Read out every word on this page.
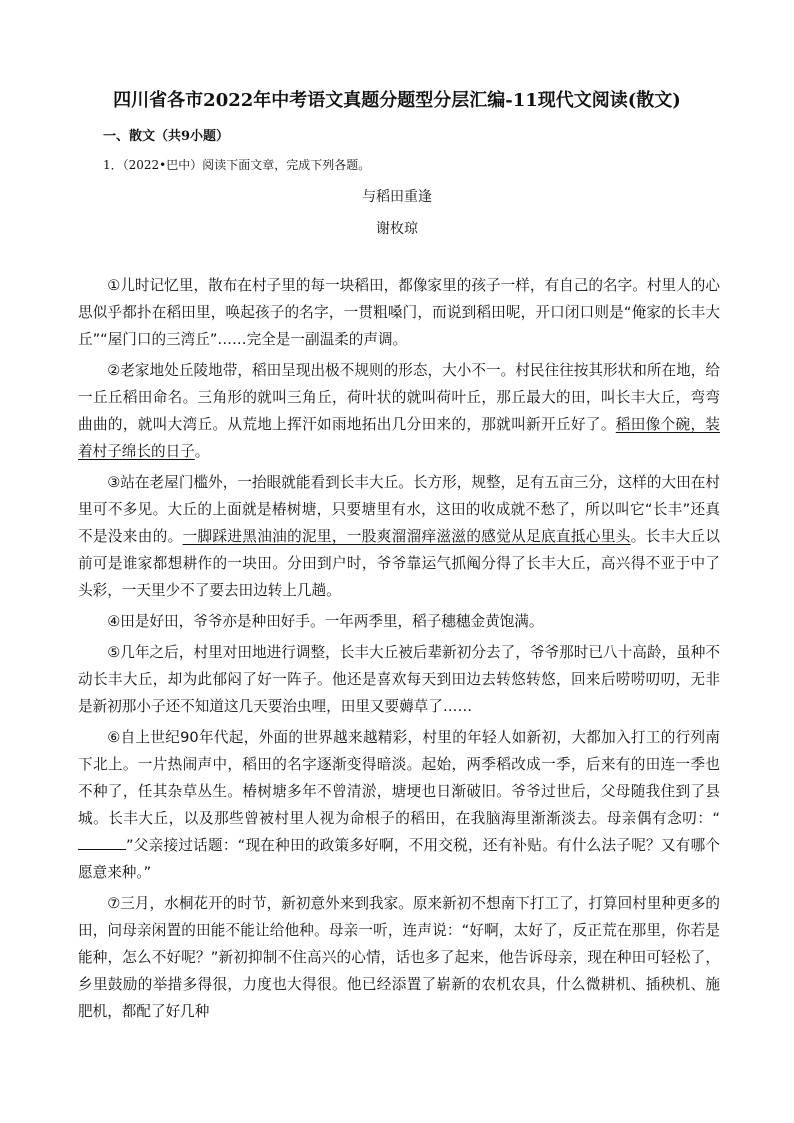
四川省各市2022年中考语文真题分题型分层汇编-11现代文阅读(散文)
一、散文（共9小题）
1．（2022•巴中）阅读下面文章，完成下列各题。
与稻田重逢
谢枚琼

①儿时记忆里，散布在村子里的每一块稻田，都像家里的孩子一样，有自己的名字。村里人的心思似乎都扑在稻田里，唤起孩子的名字，一贯粗嗓门，而说到稻田呢，开口闭口则是“俺家的长丰大丘”“屋门口的三湾丘”……完全是一副温柔的声调。

②老家地处丘陵地带，稻田呈现出极不规则的形态，大小不一。村民往往按其形状和所在地，给一丘丘稻田命名。三角形的就叫三角丘，荷叶状的就叫荷叶丘，那丘最大的田，叫长丰大丘，弯弯曲曲的，就叫大湾丘。从荒地上挥汗如雨地拓出几分田来的，那就叫新开丘好了。稻田像个碗，装着村子绵长的日子。

③站在老屋门槛外，一抬眼就能看到长丰大丘。长方形，规整，足有五亩三分，这样的大田在村里可不多见。大丘的上面就是椿树塘，只要塘里有水，这田的收成就不愁了，所以叫它“长丰”还真不是没来由的。一脚踩进黑油油的泥里，一股爽溜溜痒滋滋的感觉从足底直抵心里头。长丰大丘以前可是谁家都想耕作的一块田。分田到户时，爷爷靠运气抓阄分得了长丰大丘，高兴得不亚于中了头彩，一天里少不了要去田边转上几趟。

④田是好田，爷爷亦是种田好手。一年两季里，稻子穗穗金黄饱满。

⑤几年之后，村里对田地进行调整，长丰大丘被后辈新初分去了，爷爷那时已八十高龄，虽种不动长丰大丘，却为此郁闷了好一阵子。他还是喜欢每天到田边去转悠转悠，回来后唠唠叨叨，无非是新初那小子还不知道这几天要治虫哩，田里又要薅草了……

⑥自上世纪90年代起，外面的世界越来越精彩，村里的年轻人如新初，大都加入打工的行列南下北上。一片热闹声中，稻田的名字逐渐变得暗淡。起始，两季稻改成一季，后来有的田连一季也不种了，任其杂草丛生。椿树塘多年不曾清淤，塘埂也日渐破旧。爷爷过世后，父母随我住到了县城。长丰大丘，以及那些曾被村里人视为命根子的稻田，在我脑海里渐渐淡去。母亲偶有念叨：“”父亲接过话题：“现在种田的政策多好啊，不用交税，还有补贴。有什么法子呢？又有哪个愿意来种。”

⑦三月，水桐花开的时节，新初意外来到我家。原来新初不想南下打工了，打算回村里种更多的田，问母亲闲置的田能不能让给他种。母亲一听，连声说：“好啊，太好了，反正荒在那里，你若是能种，怎么不好呢？”新初抑制不住高兴的心情，话也多了起来，他告诉母亲，现在种田可轻松了，乡里鼓励的举措多得很，力度也大得很。他已经添置了崭新的农机农具，什么微耕机、插秧机、施肥机，都配了好几种
